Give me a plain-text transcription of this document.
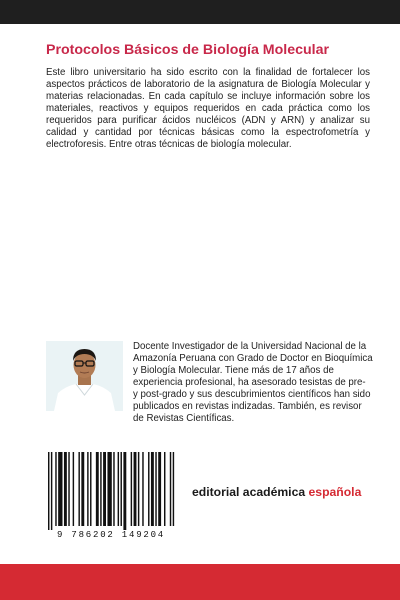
Protocolos Básicos de Biología Molecular

Este libro universitario ha sido escrito con la finalidad de fortalecer los aspectos prácticos de laboratorio de la asignatura de Biología Molecular y materias relacionadas. En cada capítulo se incluye información sobre los materiales, reactivos y equipos requeridos en cada práctica como los requeridos para purificar ácidos nucléicos (ADN y ARN) y analizar su calidad y cantidad por técnicas básicas como la espectrofometría y electroforesis. Entre otras técnicas de biología molecular.

Docente Investigador de la Universidad Nacional de la Amazonía Peruana con Grado de Doctor en Bioquímica y Biología Molecular. Tiene más de 17 años de experiencia profesional, ha asesorado tesistas de pre- y post-grado y sus descubrimientos científicos han sido publicados en revistas indizadas. También, es revisor de Revistas Científicas.

9 786202 149204
editorial académica española
